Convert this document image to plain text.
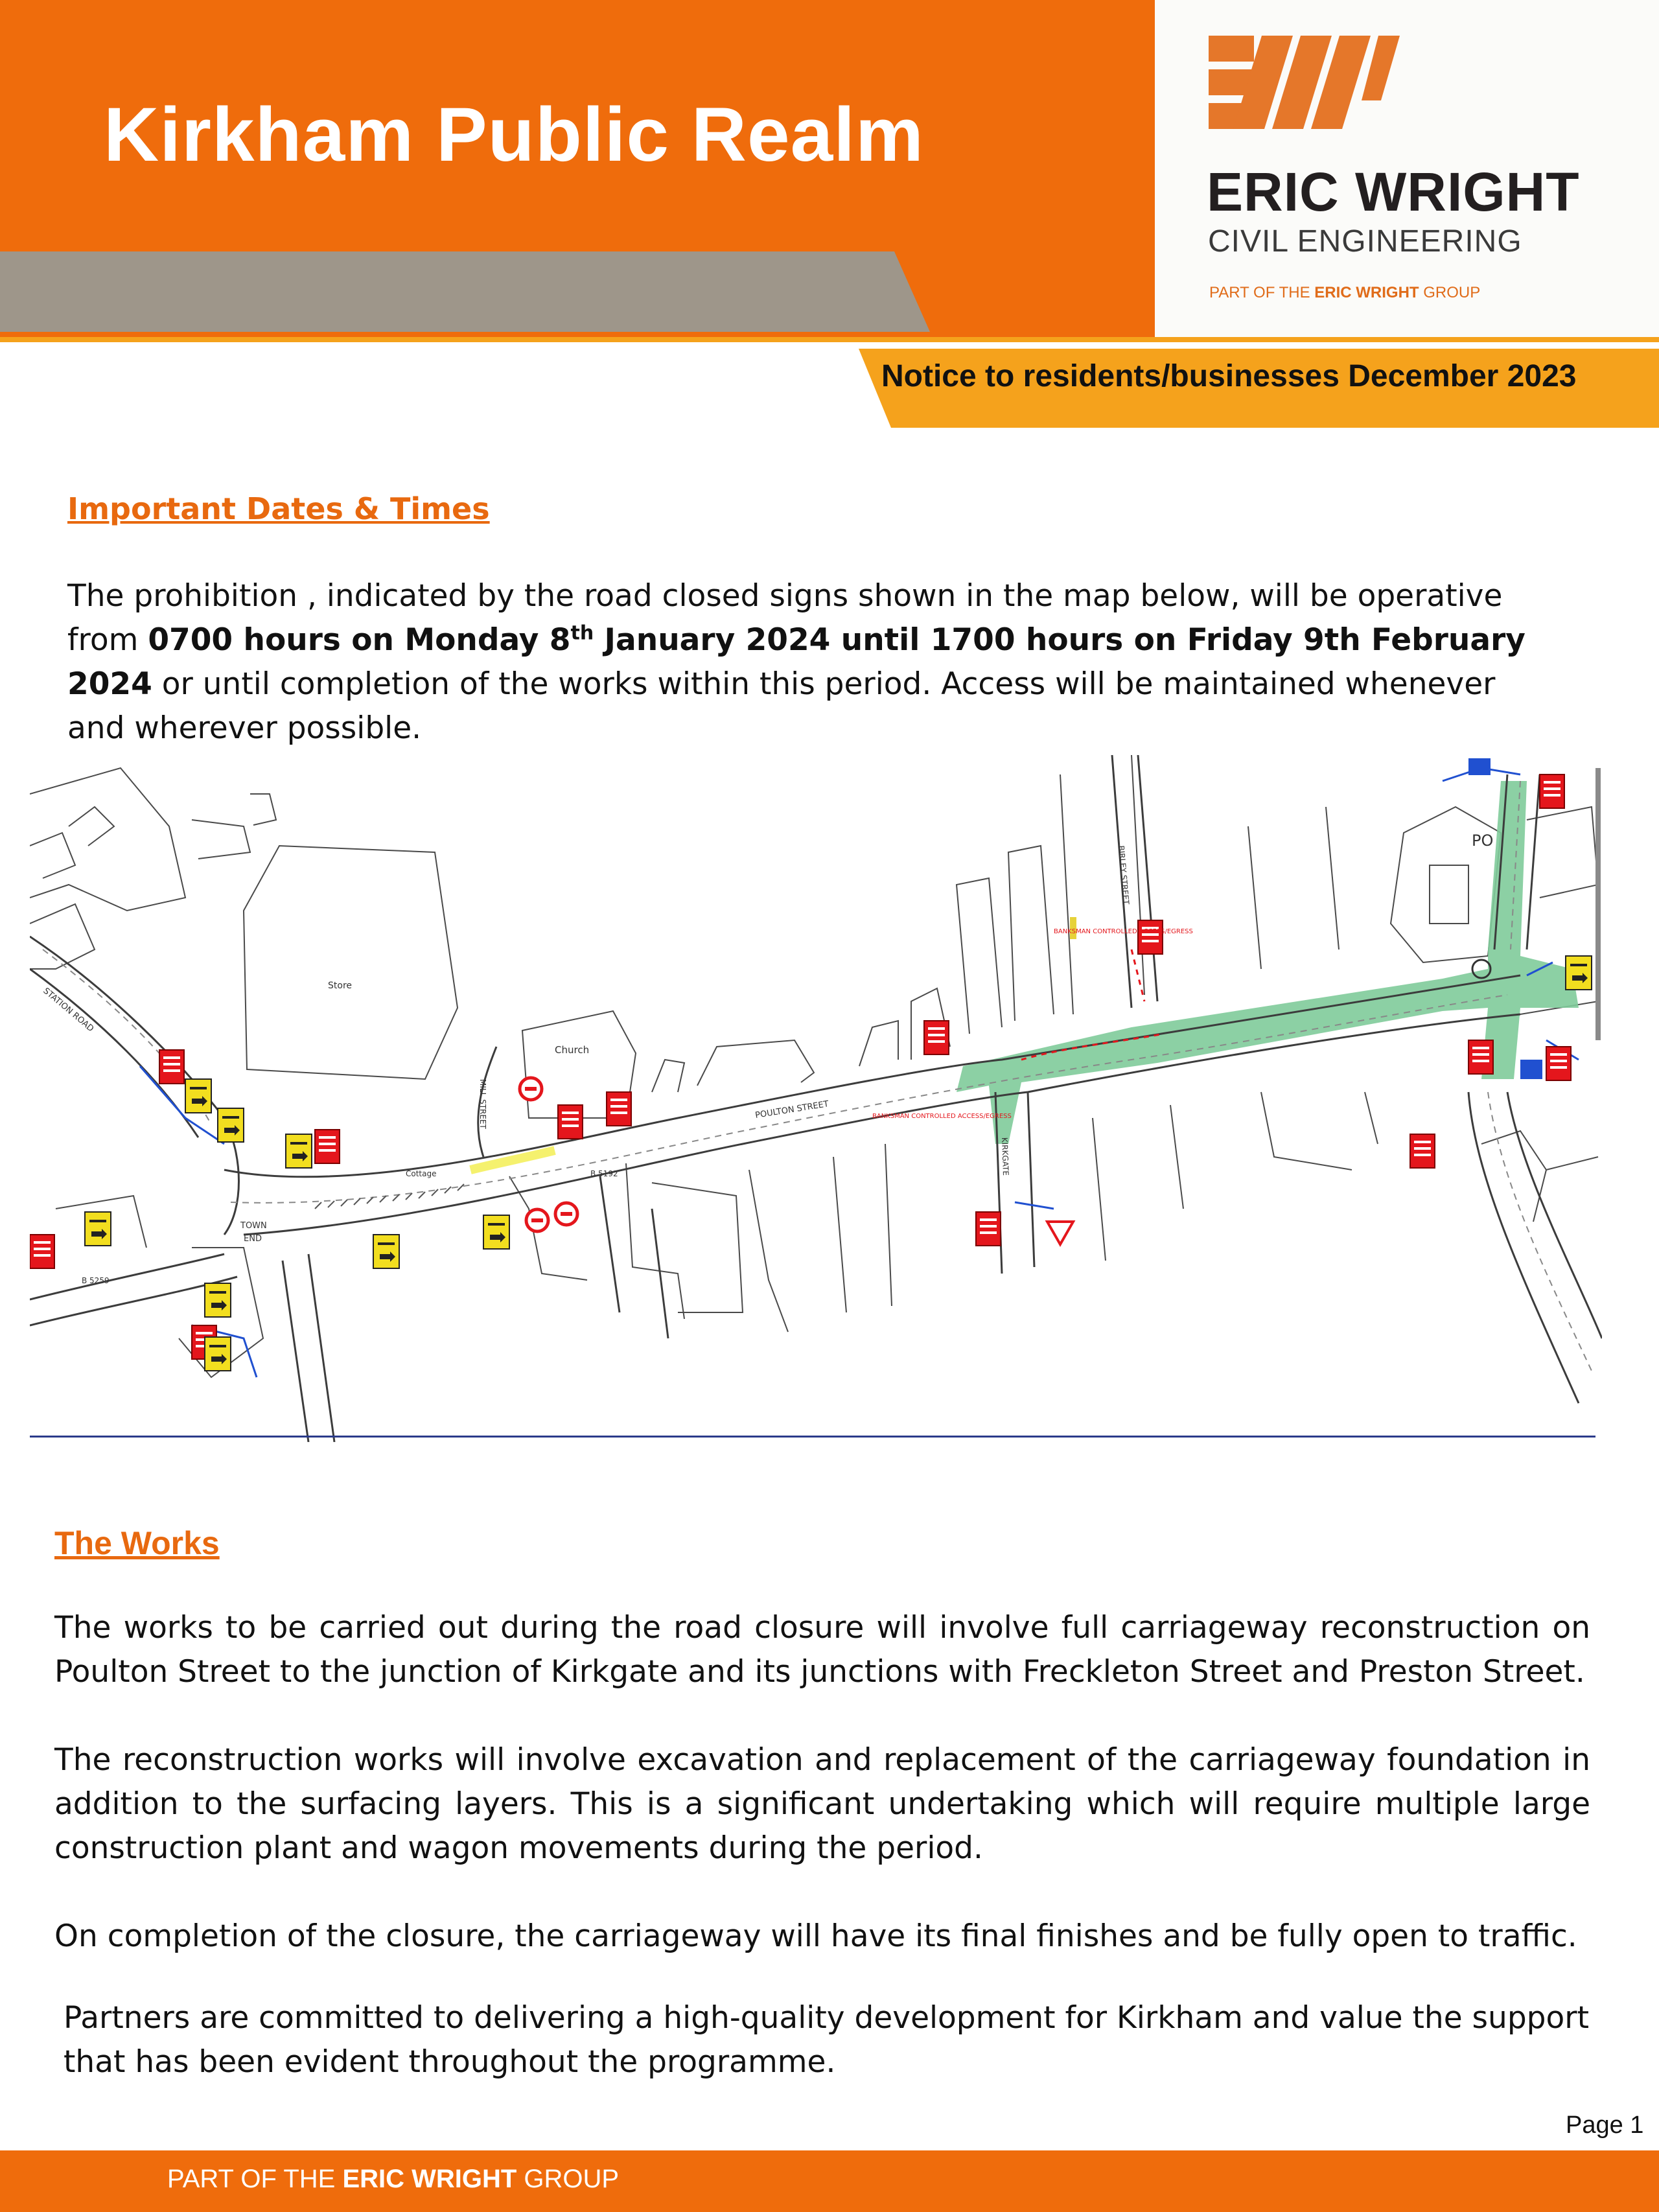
Kirkham Public Realm
ERIC WRIGHT
CIVIL ENGINEERING
PART OF THE ERIC WRIGHT GROUP
Notice to residents/businesses December 2023
Important Dates & Times
The prohibition , indicated by the road closed signs shown in the map below, will be operative from 0700 hours on Monday 8th January 2024 until 1700 hours on Friday 9th February 2024 or until completion of the works within this period. Access will be maintained whenever and wherever possible.
Store
Church
Cottage
TOWN
END
POULTON STREET
STATION ROAD
BIRLEY STREET
KIRKGATE
MILL STREET
B 5192
B 5259
PO
BANKSMAN CONTROLLED ACCESS/EGRESS
BANKSMAN CONTROLLED ACCESS/EGRESS
The Works
The works to be carried out during the road closure will involve full carriageway reconstruction on Poulton Street to the junction of Kirkgate and its junctions with Freckleton Street and Preston Street.
The reconstruction works will involve excavation and replacement of the carriageway foundation in addition to the surfacing layers. This is a significant undertaking which will require multiple large construction plant and wagon movements during the period.
On completion of the closure, the carriageway will have its final finishes and be fully open to traffic.
Partners are committed to delivering a high-quality development for Kirkham and value the support that has been evident throughout the programme.
Page 1
PART OF THE ERIC WRIGHT GROUP
